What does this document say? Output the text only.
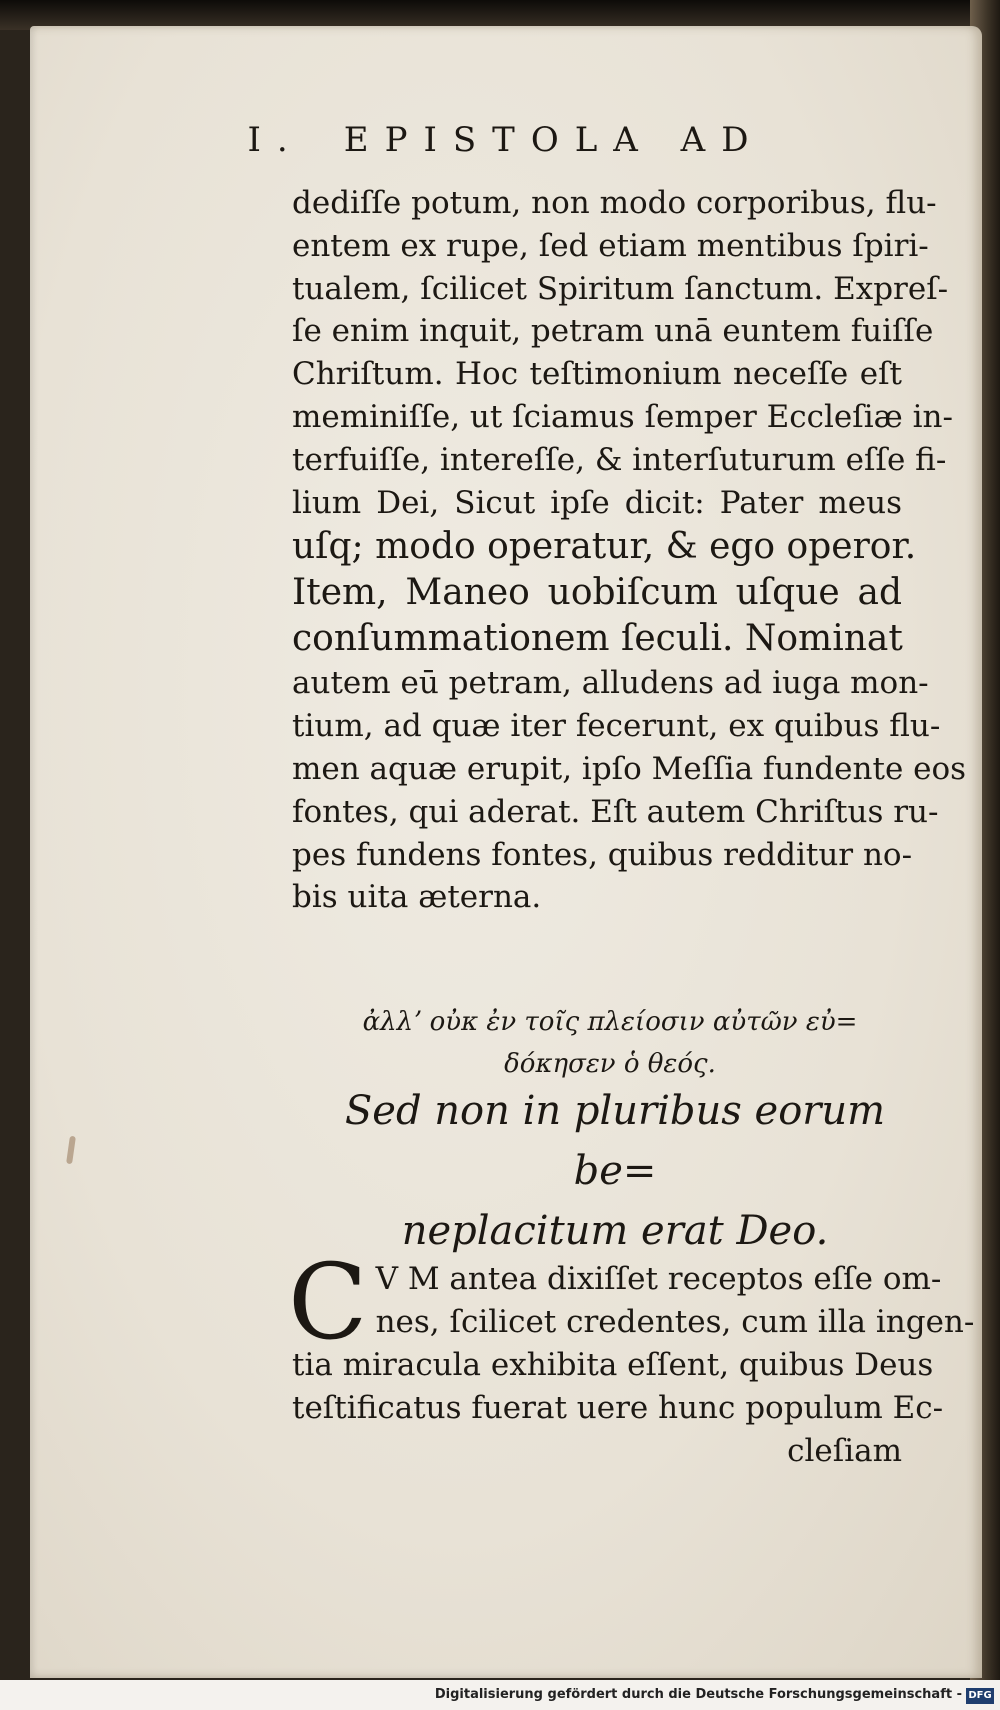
I. EPISTOLA AD
dediſſe potum, non modo corporibus, flu-
entem ex rupe, ſed etiam mentibus ſpiri-
tualem, ſcilicet Spiritum ſanctum. Expreſ-
ſe enim inquit, petram unā euntem fuiſſe
Chriſtum. Hoc teſtimonium neceſſe eſt
meminiſſe, ut ſciamus ſemper Eccleſiæ in-
terfuiſſe, intereſſe, & interſuturum eſſe fi-
lium Dei, Sicut ipſe dicit: Pater meus
uſq; modo operatur, & ego operor.
Item, Maneo uobiſcum uſque ad
conſummationem ſeculi. Nominat
autem eū petram, alludens ad iuga mon-
tium, ad quæ iter fecerunt, ex quibus flu-
men aquæ erupit, ipſo Meſſia fundente eos
fontes, qui aderat. Eſt autem Chriſtus ru-
pes fundens fontes, quibus redditur no-
bis uita æterna.
ἀλλʼ οὐκ ἐν τοῖς πλείοσιν αὐτῶν εὐ=
δόκησεν ὁ θεός.
Sed non in pluribus eorum be=
neplacitum erat Deo.
C V M antea dixiſſet receptos eſſe om-
nes, ſcilicet credentes, cum illa ingen-
tia miracula exhibita eſſent, quibus Deus
teſtificatus fuerat uere hunc populum Ec-
cleſiam
Digitalisierung gefördert durch die Deutsche Forschungsgemeinschaft - DFG
